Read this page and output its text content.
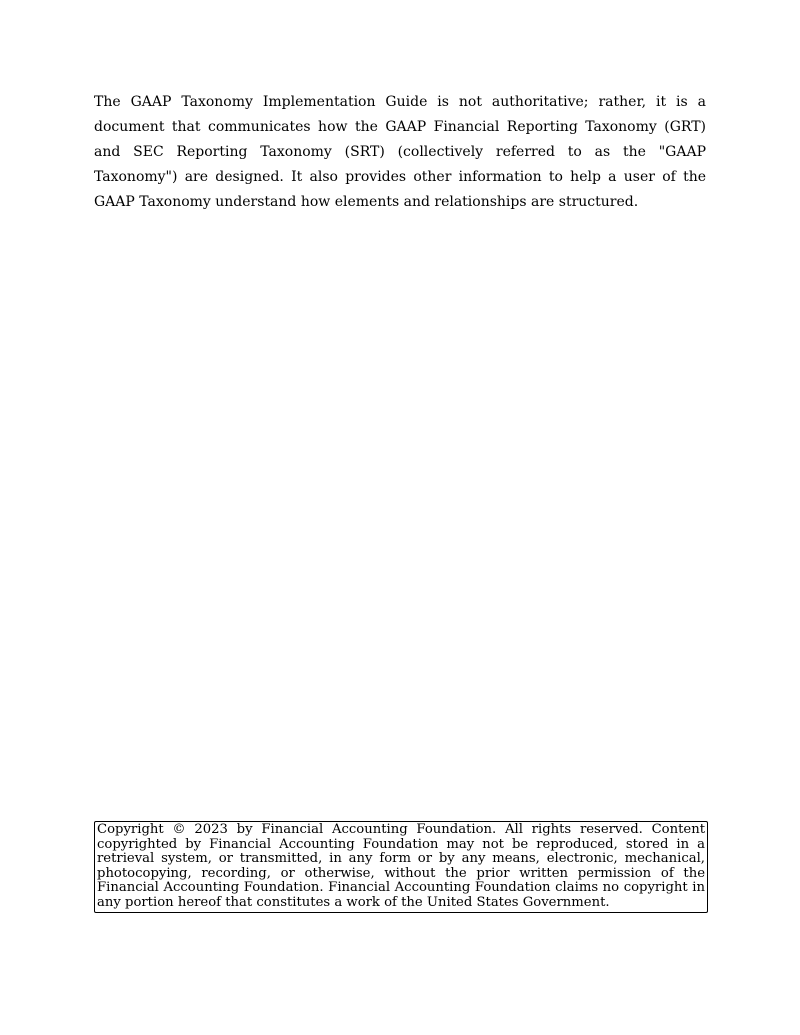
The GAAP Taxonomy Implementation Guide is not authoritative; rather, it is a document that communicates how the GAAP Financial Reporting Taxonomy (GRT) and SEC Reporting Taxonomy (SRT) (collectively referred to as the "GAAP Taxonomy") are designed. It also provides other information to help a user of the GAAP Taxonomy understand how elements and relationships are structured.

Copyright © 2023 by Financial Accounting Foundation. All rights reserved. Content copyrighted by Financial Accounting Foundation may not be reproduced, stored in a retrieval system, or transmitted, in any form or by any means, electronic, mechanical, photocopying, recording, or otherwise, without the prior written permission of the Financial Accounting Foundation. Financial Accounting Foundation claims no copyright in any portion hereof that constitutes a work of the United States Government.
